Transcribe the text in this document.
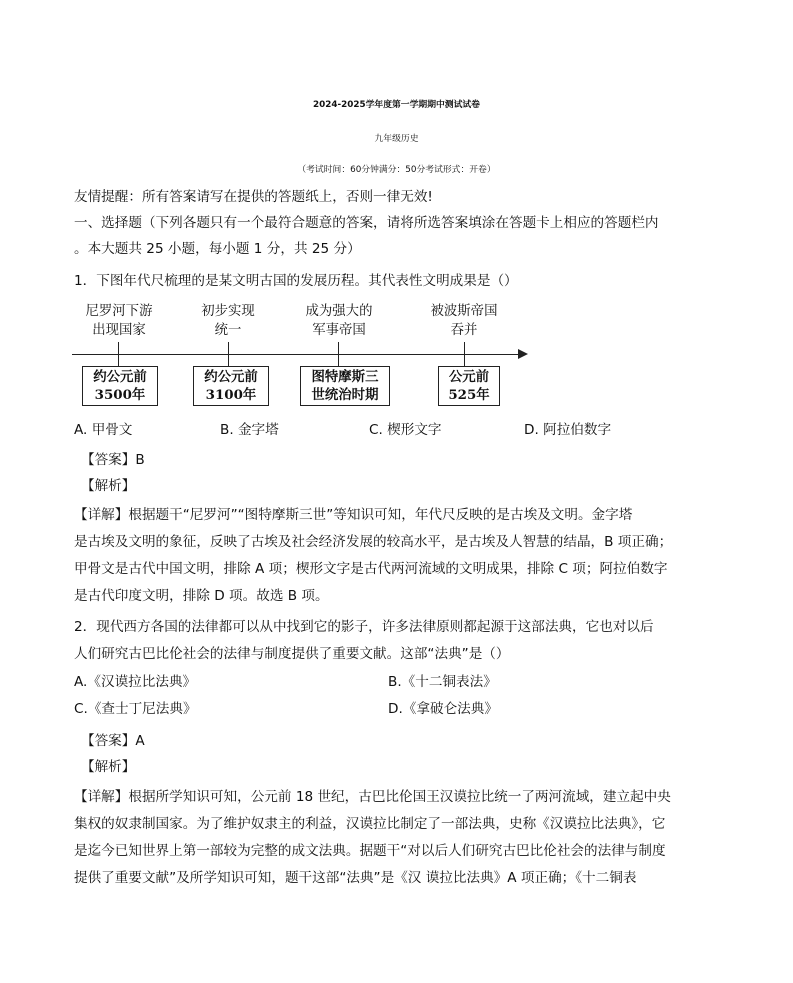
2024-2025学年度第一学期期中测试试卷
九年级历史
（考试时间：60分钟满分：50分考试形式：开卷）
友情提醒：所有答案请写在提供的答题纸上，否则一律无效!
一、选择题（下列各题只有一个最符合题意的答案，请将所选答案填涂在答题卡上相应的答题栏内
。本大题共 25 小题，每小题 1 分，共 25 分）
1．下图年代尺梳理的是某文明古国的发展历程。其代表性文明成果是（）
尼罗河下游
出现国家
约公元前
3500年
初步实现
统一
约公元前
3100年
成为强大的
军事帝国
图特摩斯三
世统治时期
被波斯帝国
吞并
公元前
525年
A. 甲骨文	B. 金字塔	C. 楔形文字	D. 阿拉伯数字
【答案】B
【解析】
【详解】根据题干“尼罗河”“图特摩斯三世”等知识可知，年代尺反映的是古埃及文明。金字塔
是古埃及文明的象征，反映了古埃及社会经济发展的较高水平，是古埃及人智慧的结晶，B 项正确；
甲骨文是古代中国文明，排除 A 项；楔形文字是古代两河流域的文明成果，排除 C 项；阿拉伯数字
是古代印度文明，排除 D 项。故选 B 项。
2．现代西方各国的法律都可以从中找到它的影子，许多法律原则都起源于这部法典，它也对以后
人们研究古巴比伦社会的法律与制度提供了重要文献。这部“法典”是（）
A.《汉谟拉比法典》	B.《十二铜表法》
C.《查士丁尼法典》	D.《拿破仑法典》
【答案】A
【解析】
【详解】根据所学知识可知，公元前 18 世纪，古巴比伦国王汉谟拉比统一了两河流域，建立起中央
集权的奴隶制国家。为了维护奴隶主的利益，汉谟拉比制定了一部法典，史称《汉谟拉比法典》，它
是迄今已知世界上第一部较为完整的成文法典。据题干“对以后人们研究古巴比伦社会的法律与制度
提供了重要文献”及所学知识可知，题干这部“法典”是《汉 谟拉比法典》A 项正确；《十二铜表
